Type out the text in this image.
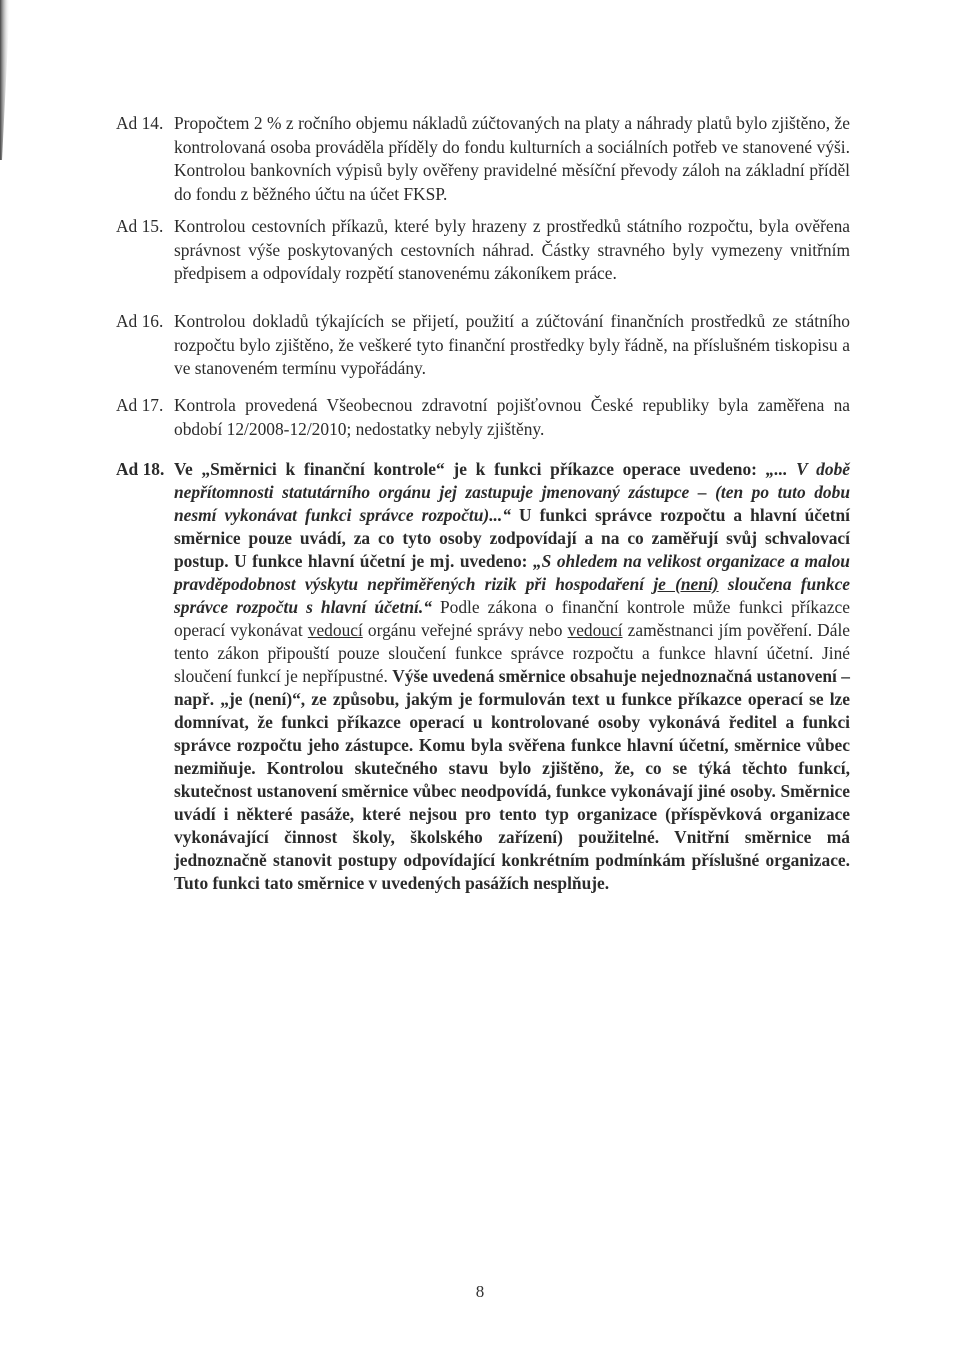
Ad 14. Propočtem 2 % z ročního objemu nákladů zúčtovaných na platy a náhrady platů bylo zjištěno, že kontrolovaná osoba prováděla příděly do fondu kulturních a sociálních potřeb ve stanovené výši. Kontrolou bankovních výpisů byly ověřeny pravidelné měsíční převody záloh na základní příděl do fondu z běžného účtu na účet FKSP.
Ad 15. Kontrolou cestovních příkazů, které byly hrazeny z prostředků státního rozpočtu, byla ověřena správnost výše poskytovaných cestovních náhrad. Částky stravného byly vymezeny vnitřním předpisem a odpovídaly rozpětí stanovenému zákoníkem práce.
Ad 16. Kontrolou dokladů týkajících se přijetí, použití a zúčtování finančních prostředků ze státního rozpočtu bylo zjištěno, že veškeré tyto finanční prostředky byly řádně, na příslušném tiskopisu a ve stanoveném termínu vypořádány.
Ad 17. Kontrola provedená Všeobecnou zdravotní pojišťovnou České republiky byla zaměřena na období 12/2008-12/2010; nedostatky nebyly zjištěny.
Ad 18. Ve „Směrnici k finanční kontrole“ je k funkci příkazce operace uvedeno: „... V době nepřítomnosti statutárního orgánu jej zastupuje jmenovaný zástupce – (ten po tuto dobu nesmí vykonávat funkci správce rozpočtu)...“ U funkci správce rozpočtu a hlavní účetní směrnice pouze uvádí, za co tyto osoby zodpovídají a na co zaměřují svůj schvalovací postup. U funkce hlavní účetní je mj. uvedeno: „S ohledem na velikost organizace a malou pravděpodobnost výskytu nepřiměřených rizik při hospodaření je (není) sloučena funkce správce rozpočtu s hlavní účetní.“ Podle zákona o finanční kontrole může funkci příkazce operací vykonávat vedoucí orgánu veřejné správy nebo vedoucí zaměstnanci jím pověření. Dále tento zákon připouští pouze sloučení funkce správce rozpočtu a funkce hlavní účetní. Jiné sloučení funkcí je nepřípustné. Výše uvedená směrnice obsahuje nejednoznačná ustanovení – např. „je (není)“, ze způsobu, jakým je formulován text u funkce příkazce operací se lze domnívat, že funkci příkazce operací u kontrolované osoby vykonává ředitel a funkci správce rozpočtu jeho zástupce. Komu byla svěřena funkce hlavní účetní, směrnice vůbec nezmiňuje. Kontrolou skutečného stavu bylo zjištěno, že, co se týká těchto funkcí, skutečnost ustanovení směrnice vůbec neodpovídá, funkce vykonávají jiné osoby. Směrnice uvádí i některé pasáže, které nejsou pro tento typ organizace (příspěvková organizace vykonávající činnost školy, školského zařízení) použitelné. Vnitřní směrnice má jednoznačně stanovit postupy odpovídající konkrétním podmínkám příslušné organizace. Tuto funkci tato směrnice v uvedených pasážích nesplňuje.
8
